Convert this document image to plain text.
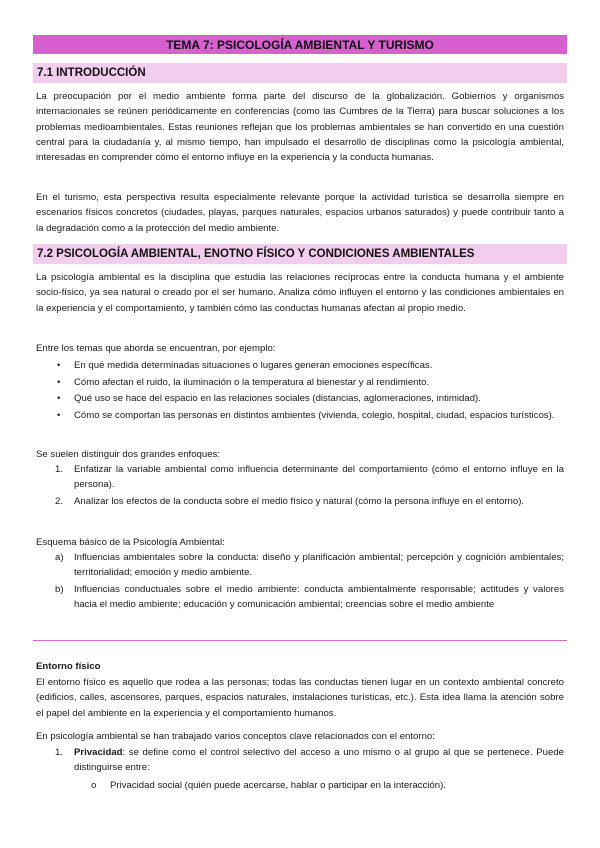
TEMA 7: PSICOLOGÍA AMBIENTAL Y TURISMO
7.1 INTRODUCCIÓN

La preocupación por el medio ambiente forma parte del discurso de la globalización. Gobiernos y organismos internacionales se reúnen periódicamente en conferencias (como las Cumbres de la Tierra) para buscar soluciones a los problemas medioambientales. Estas reuniones reflejan que los problemas ambientales se han convertido en una cuestión central para la ciudadanía y, al mismo tiempo, han impulsado el desarrollo de disciplinas como la psicología ambiental, interesadas en comprender cómo el entorno influye en la experiencia y la conducta humanas.

En el turismo, esta perspectiva resulta especialmente relevante porque la actividad turística se desarrolla siempre en escenarios físicos concretos (ciudades, playas, parques naturales, espacios urbanos saturados) y puede contribuir tanto a la degradación como a la protección del medio ambiente.

7.2 PSICOLOGÍA AMBIENTAL, ENOTNO FÍSICO Y CONDICIONES AMBIENTALES

La psicología ambiental es la disciplina que estudia las relaciones recíprocas entre la conducta humana y el ambiente socio-físico, ya sea natural o creado por el ser humano. Analiza cómo influyen el entorno y las condiciones ambientales en la experiencia y el comportamiento, y también cómo las conductas humanas afectan al propio medio.

Entre los temas que aborda se encuentran, por ejemplo:

• En qué medida determinadas situaciones o lugares generan emociones específicas.

• Cómo afectan el ruido, la iluminación o la temperatura al bienestar y al rendimiento.

• Qué uso se hace del espacio en las relaciones sociales (distancias, aglomeraciones, intimidad).

• Cómo se comportan las personas en distintos ambientes (vivienda, colegio, hospital, ciudad, espacios turísticos).

Se suelen distinguir dos grandes enfoques:

1. Enfatizar la variable ambiental como influencia determinante del comportamiento (cómo el entorno influye en la persona).

2. Analizar los efectos de la conducta sobre el medio físico y natural (cómo la persona influye en el entorno).

Esquema básico de la Psicología Ambiental:

a) Influencias ambientales sobre la conducta: diseño y planificación ambiental; percepción y cognición ambientales; territorialidad; emoción y medio ambiente.

b) Influencias conductuales sobre el medio ambiente: conducta ambientalmente responsable; actitudes y valores hacia el medio ambiente; educación y comunicación ambiental; creencias sobre el medio ambiente

Entorno físico

El entorno físico es aquello que rodea a las personas; todas las conductas tienen lugar en un contexto ambiental concreto (edificios, calles, ascensores, parques, espacios naturales, instalaciones turísticas, etc.). Esta idea llama la atención sobre el papel del ambiente en la experiencia y el comportamiento humanos.

En psicología ambiental se han trabajado varios conceptos clave relacionados con el entorno:

1. Privacidad: se define como el control selectivo del acceso a uno mismo o al grupo al que se pertenece. Puede distinguirse entre:

o Privacidad social (quién puede acercarse, hablar o participar en la interacción).
